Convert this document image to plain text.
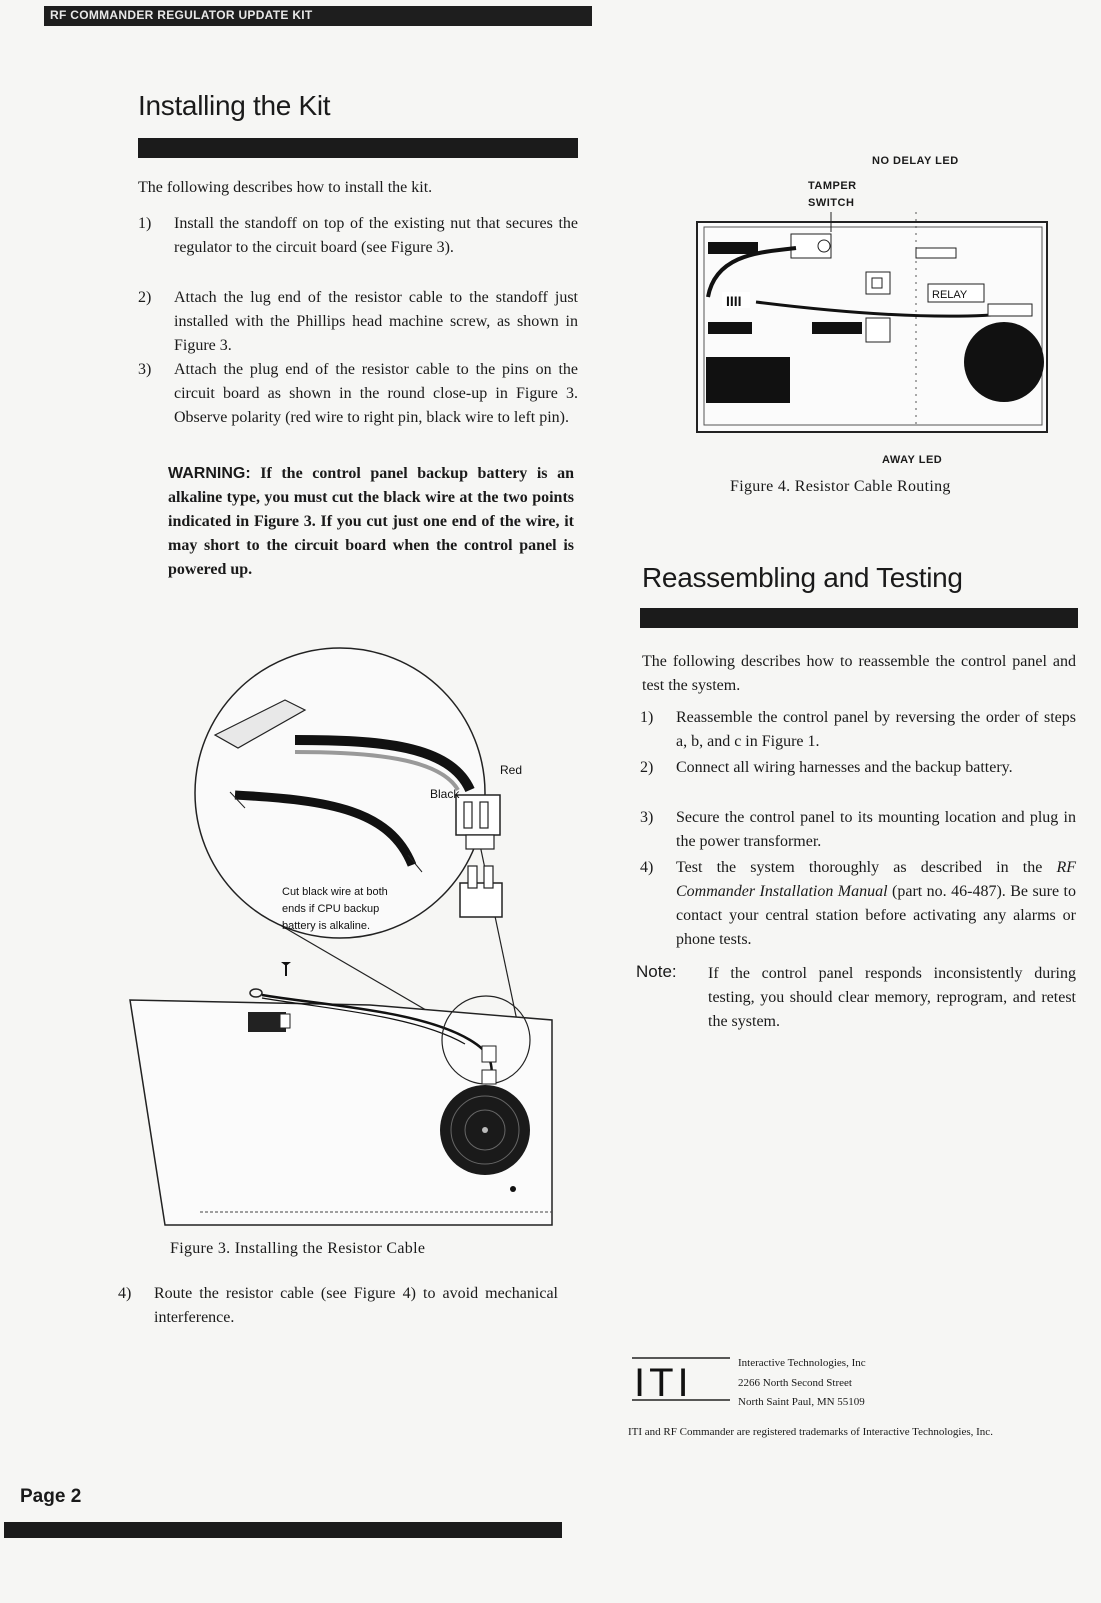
RF COMMANDER REGULATOR UPDATE KIT
Installing the Kit
The following describes how to install the kit.
1) Install the standoff on top of the existing nut that secures the regulator to the circuit board (see Figure 3).
2) Attach the lug end of the resistor cable to the standoff just installed with the Phillips head machine screw, as shown in Figure 3.
3) Attach the plug end of the resistor cable to the pins on the circuit board as shown in the round close-up in Figure 3. Observe polarity (red wire to right pin, black wire to left pin).
WARNING: If the control panel backup battery is an alkaline type, you must cut the black wire at the two points indicated in Figure 3. If you cut just one end of the wire, it may short to the circuit board when the control panel is powered up.
Red
Black
Cut black wire at both
ends if CPU backup
battery is alkaline.
Figure 3. Installing the Resistor Cable
4) Route the resistor cable (see Figure 4) to avoid mechanical interference.
Page 2
NO DELAY LED
TAMPER
SWITCH
IIII	RELAY
AWAY LED
Figure 4. Resistor Cable Routing
Reassembling and Testing
The following describes how to reassemble the control panel and test the system.
1) Reassemble the control panel by reversing the order of steps a, b, and c in Figure 1.
2) Connect all wiring harnesses and the backup battery.
3) Secure the control panel to its mounting location and plug in the power transformer.
4) Test the system thoroughly as described in the RF Commander Installation Manual (part no. 46-487). Be sure to contact your central station before activating any alarms or phone tests.
Note: If the control panel responds inconsistently during testing, you should clear memory, reprogram, and retest the system.
ITI	Interactive Technologies, Inc
2266 North Second Street
North Saint Paul, MN 55109
ITI and RF Commander are registered trademarks of Interactive Technologies, Inc.
